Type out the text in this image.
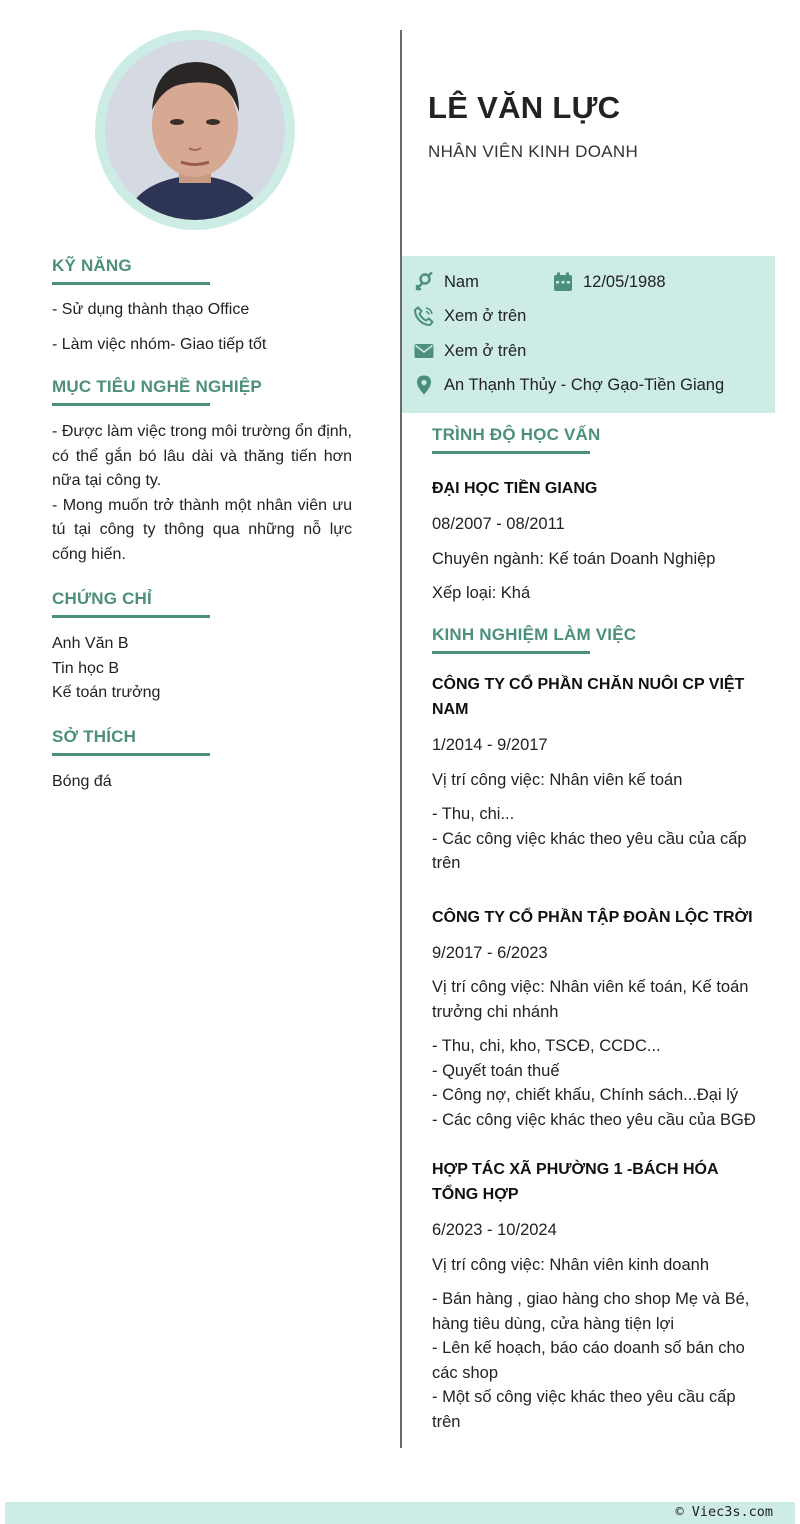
LÊ VĂN LỰC
NHÂN VIÊN KINH DOANH
Nam	12/05/1988
Xem ở trên
Xem ở trên
An Thạnh Thủy - Chợ Gạo-Tiền Giang
KỸ NĂNG
- Sử dụng thành thạo Office
- Làm việc nhóm- Giao tiếp tốt
MỤC TIÊU NGHỀ NGHIỆP
- Được làm việc trong môi trường ổn định, có thể gắn bó lâu dài và thăng tiến hơn nữa tại công ty.
- Mong muốn trở thành một nhân viên ưu tú tại công ty thông qua những nỗ lực cống hiến.
CHỨNG CHỈ
Anh Văn B
Tin học B
Kế toán trưởng
SỞ THÍCH
Bóng đá
TRÌNH ĐỘ HỌC VẤN
ĐẠI HỌC TIỀN GIANG
08/2007 - 08/2011
Chuyên ngành: Kế toán Doanh Nghiệp
Xếp loại: Khá
KINH NGHIỆM LÀM VIỆC
CÔNG TY CỔ PHẦN CHĂN NUÔI CP VIỆT NAM
1/2014 - 9/2017
Vị trí công việc: Nhân viên kế toán
- Thu, chi...
- Các công việc khác theo yêu cầu của cấp trên
CÔNG TY CỔ PHẦN TẬP ĐOÀN LỘC TRỜI
9/2017 - 6/2023
Vị trí công việc: Nhân viên kế toán, Kế toán trưởng chi nhánh
- Thu, chi, kho, TSCĐ, CCDC...
- Quyết toán thuế
- Công nợ, chiết khấu, Chính sách...Đại lý
- Các công việc khác theo yêu cầu của BGĐ
HỢP TÁC XÃ PHƯỜNG 1 -BÁCH HÓA TỔNG HỢP
6/2023 - 10/2024
Vị trí công việc: Nhân viên kinh doanh
- Bán hàng , giao hàng cho shop Mẹ và Bé, hàng tiêu dùng, cửa hàng tiện lợi
- Lên kế hoạch, báo cáo doanh số bán cho các shop
- Một số công việc khác theo yêu cầu cấp trên
© Viec3s.com
